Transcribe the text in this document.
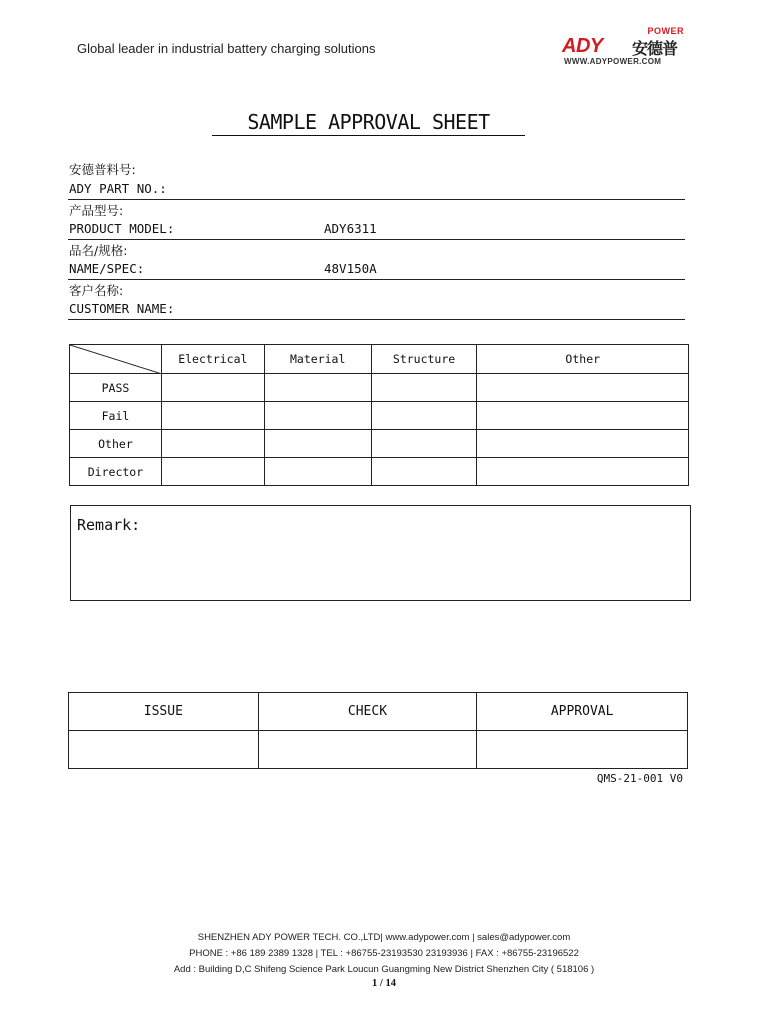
Global leader in industrial battery charging solutions
POWER
ADY 安德普
WWW.ADYPOWER.COM
SAMPLE APPROVAL SHEET
安德普料号:
ADY PART NO.:
产品型号:
PRODUCT MODEL:	ADY6311
品名/规格:
NAME/SPEC:	48V150A
客户名称:
CUSTOMER NAME:
	Electrical	Material	Structure	Other
PASS				
Fail				
Other				
Director				
Remark:
ISSUE	CHECK	APPROVAL

QMS-21-001 V0
SHENZHEN ADY POWER TECH. CO.,LTD| www.adypower.com | sales@adypower.com
PHONE : +86 189 2389 1328 | TEL : +86755-23193530 23193936 | FAX : +86755-23196522
Add : Building D,C Shifeng Science Park Loucun Guangming New District Shenzhen City ( 518106 )
1 / 14
